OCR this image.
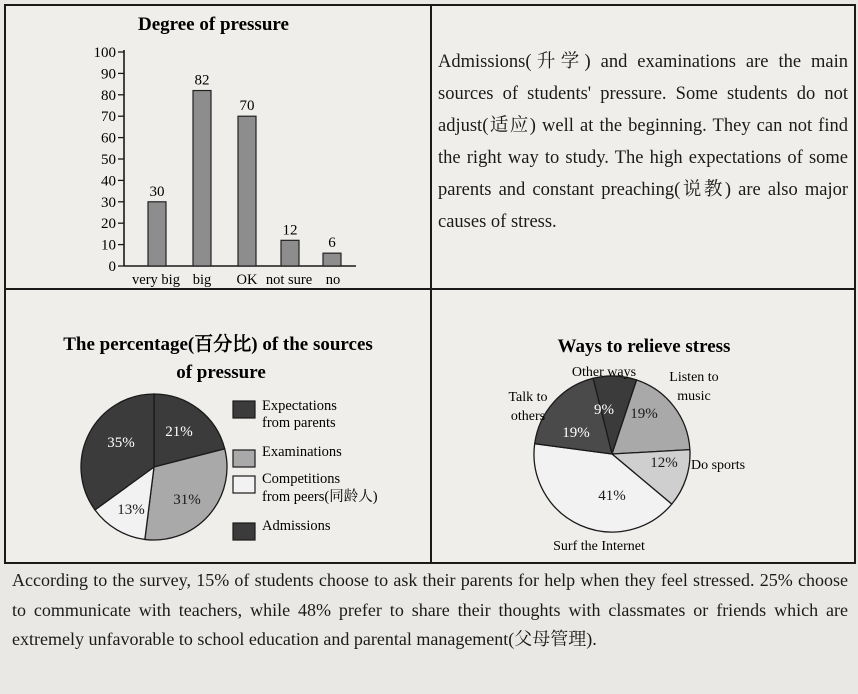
Degree of pressure
100
90
80
70
60
50
40
30
20
10
0
30
82
70
12
6
very big big OK not sure no
Admissions(升学) and examinations are the main sources of students' pressure. Some students do not adjust(适应) well at the beginning. They can not find the right way to study. The high expectations of some parents and constant preaching(说教) are also major causes of stress.
The percentage(百分比) of the sources
of pressure
21%
31%
13%
35%
Expectations
from parents
Examinations
Competitions
from peers(同龄人)
Admissions
Ways to relieve stress
9% 19%
12%
41%
19%
Other ways Listen to
music
Do sports
Surf the Internet
Talk to
others
According to the survey, 15% of students choose to ask their parents for help when they feel stressed. 25% choose to communicate with teachers, while 48% prefer to share their thoughts with classmates or friends which are extremely unfavorable to school education and parental management(父母管理).
